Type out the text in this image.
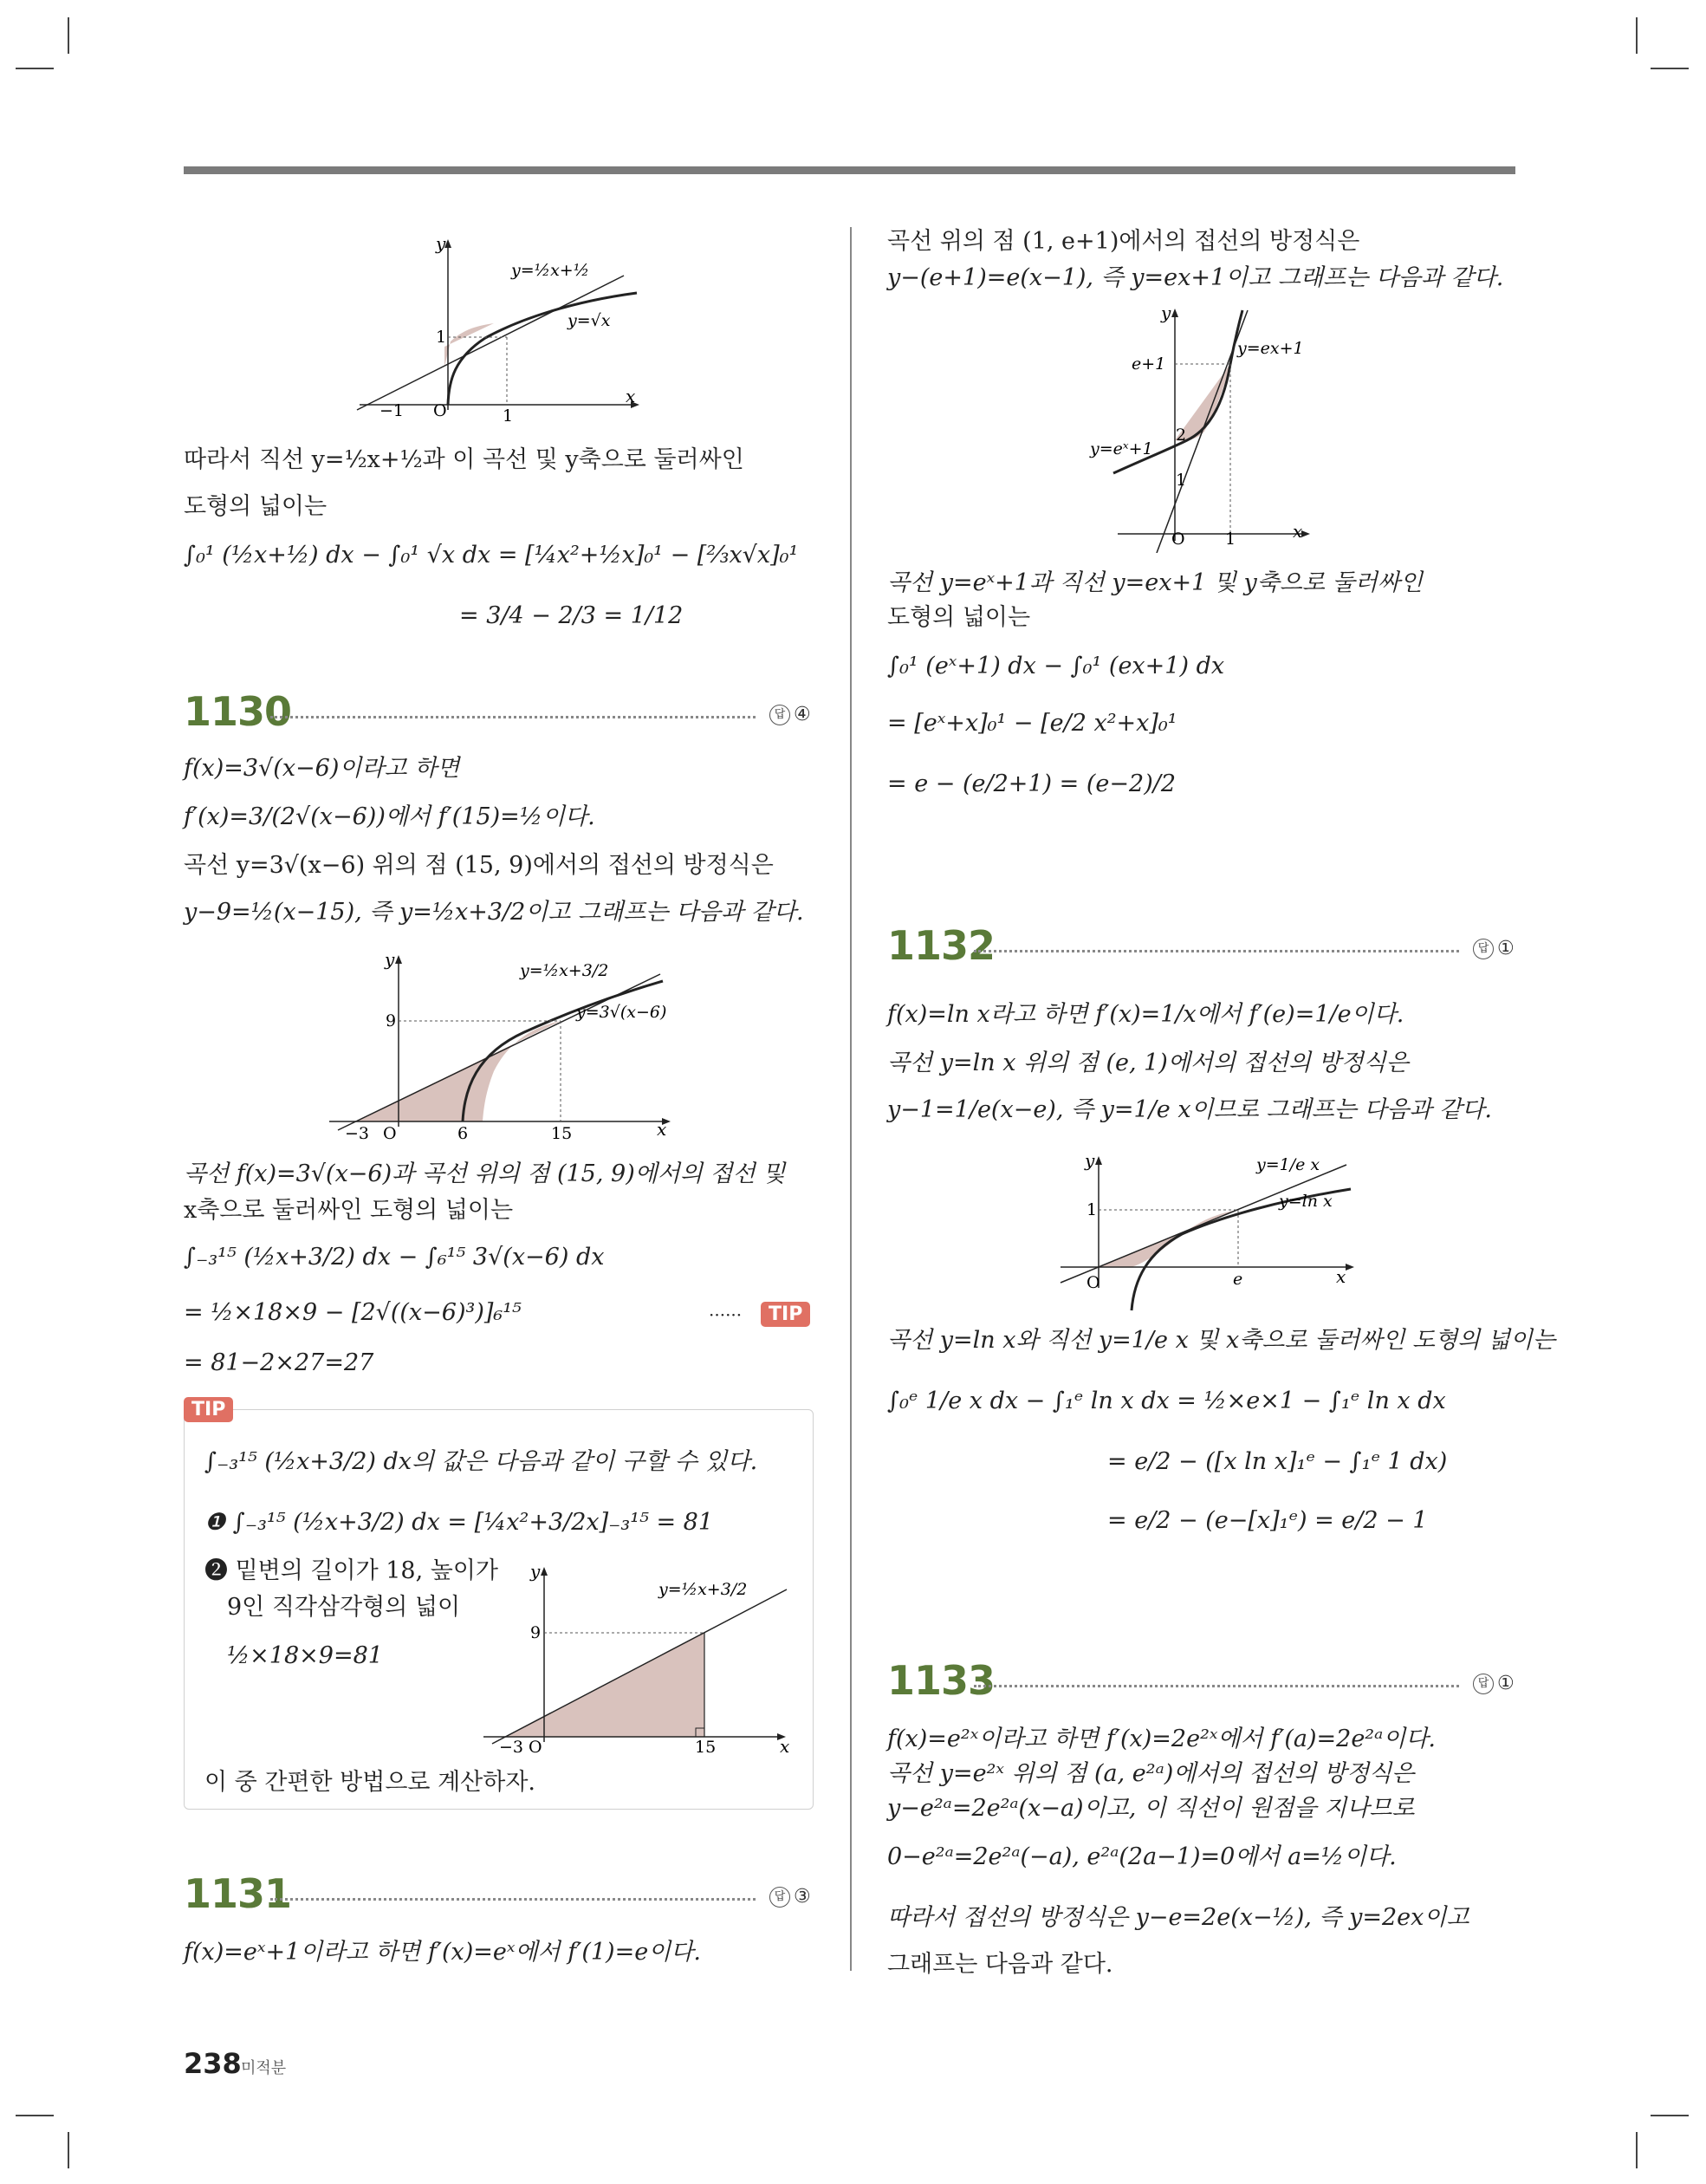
y
x
y=½x+½
y=√x
−1 O	1
1
따라서 직선 y=½x+½과 이 곡선 및 y축으로 둘러싸인
도형의 넓이는
∫₀¹ (½x+½) dx − ∫₀¹ √x dx = [¼x²+½x]₀¹ − [⅔x√x]₀¹
= 3/4 − 2/3 = 1/12
1130	답 ④
f(x)=3√(x−6)이라고 하면
f′(x)=3/(2√(x−6))에서 f′(15)=½이다.
곡선 y=3√(x−6) 위의 점 (15, 9)에서의 접선의 방정식은
y−9=½(x−15), 즉 y=½x+3/2이고 그래프는 다음과 같다.
y
x
y=½x+3/2
y=3√(x−6)
9
−3 O	6	15
곡선 f(x)=3√(x−6)과 곡선 위의 점 (15, 9)에서의 접선 및
x축으로 둘러싸인 도형의 넓이는
∫₋₃¹⁵ (½x+3/2) dx − ∫₆¹⁵ 3√(x−6) dx
= ½×18×9 − [2√((x−6)³)]₆¹⁵	······	TIP
= 81−2×27=27
TIP
∫₋₃¹⁵ (½x+3/2) dx의 값은 다음과 같이 구할 수 있다.
❶ ∫₋₃¹⁵ (½x+3/2) dx = [¼x²+3/2x]₋₃¹⁵ = 81
❷ 밑변의 길이가 18, 높이가
9인 직각삼각형의 넓이
½×18×9=81
이 중 간편한 방법으로 계산하자.
y
x
y=½x+3/2
9
−3 O	15
1131	답 ③
f(x)=eˣ+1이라고 하면 f′(x)=eˣ에서 f′(1)=e이다.
곡선 위의 점 (1, e+1)에서의 접선의 방정식은
y−(e+1)=e(x−1), 즉 y=ex+1이고 그래프는 다음과 같다.
y
x
y=ex+1
y=eˣ+1
e+1
2
1
O 1
곡선 y=eˣ+1과 직선 y=ex+1 및 y축으로 둘러싸인
도형의 넓이는
∫₀¹ (eˣ+1) dx − ∫₀¹ (ex+1) dx
= [eˣ+x]₀¹ − [e/2 x²+x]₀¹
= e − (e/2+1) = (e−2)/2
1132	답 ①
f(x)=ln x라고 하면 f′(x)=1/x에서 f′(e)=1/e이다.
곡선 y=ln x 위의 점 (e, 1)에서의 접선의 방정식은
y−1=1/e(x−e), 즉 y=1/e x이므로 그래프는 다음과 같다.
y
x
y=1/e x
y=ln x
1
O	e
곡선 y=ln x와 직선 y=1/e x 및 x축으로 둘러싸인 도형의 넓이는
∫₀ᵉ 1/e x dx − ∫₁ᵉ ln x dx = ½×e×1 − ∫₁ᵉ ln x dx
= e/2 − ([x ln x]₁ᵉ − ∫₁ᵉ 1 dx)
= e/2 − (e−[x]₁ᵉ) = e/2 − 1
1133	답 ①
f(x)=e²ˣ이라고 하면 f′(x)=2e²ˣ에서 f′(a)=2e²ᵃ이다.
곡선 y=e²ˣ 위의 점 (a, e²ᵃ)에서의 접선의 방정식은
y−e²ᵃ=2e²ᵃ(x−a)이고, 이 직선이 원점을 지나므로
0−e²ᵃ=2e²ᵃ(−a), e²ᵃ(2a−1)=0에서 a=½이다.
따라서 접선의 방정식은 y−e=2e(x−½), 즉 y=2ex이고
그래프는 다음과 같다.
238 미적분
